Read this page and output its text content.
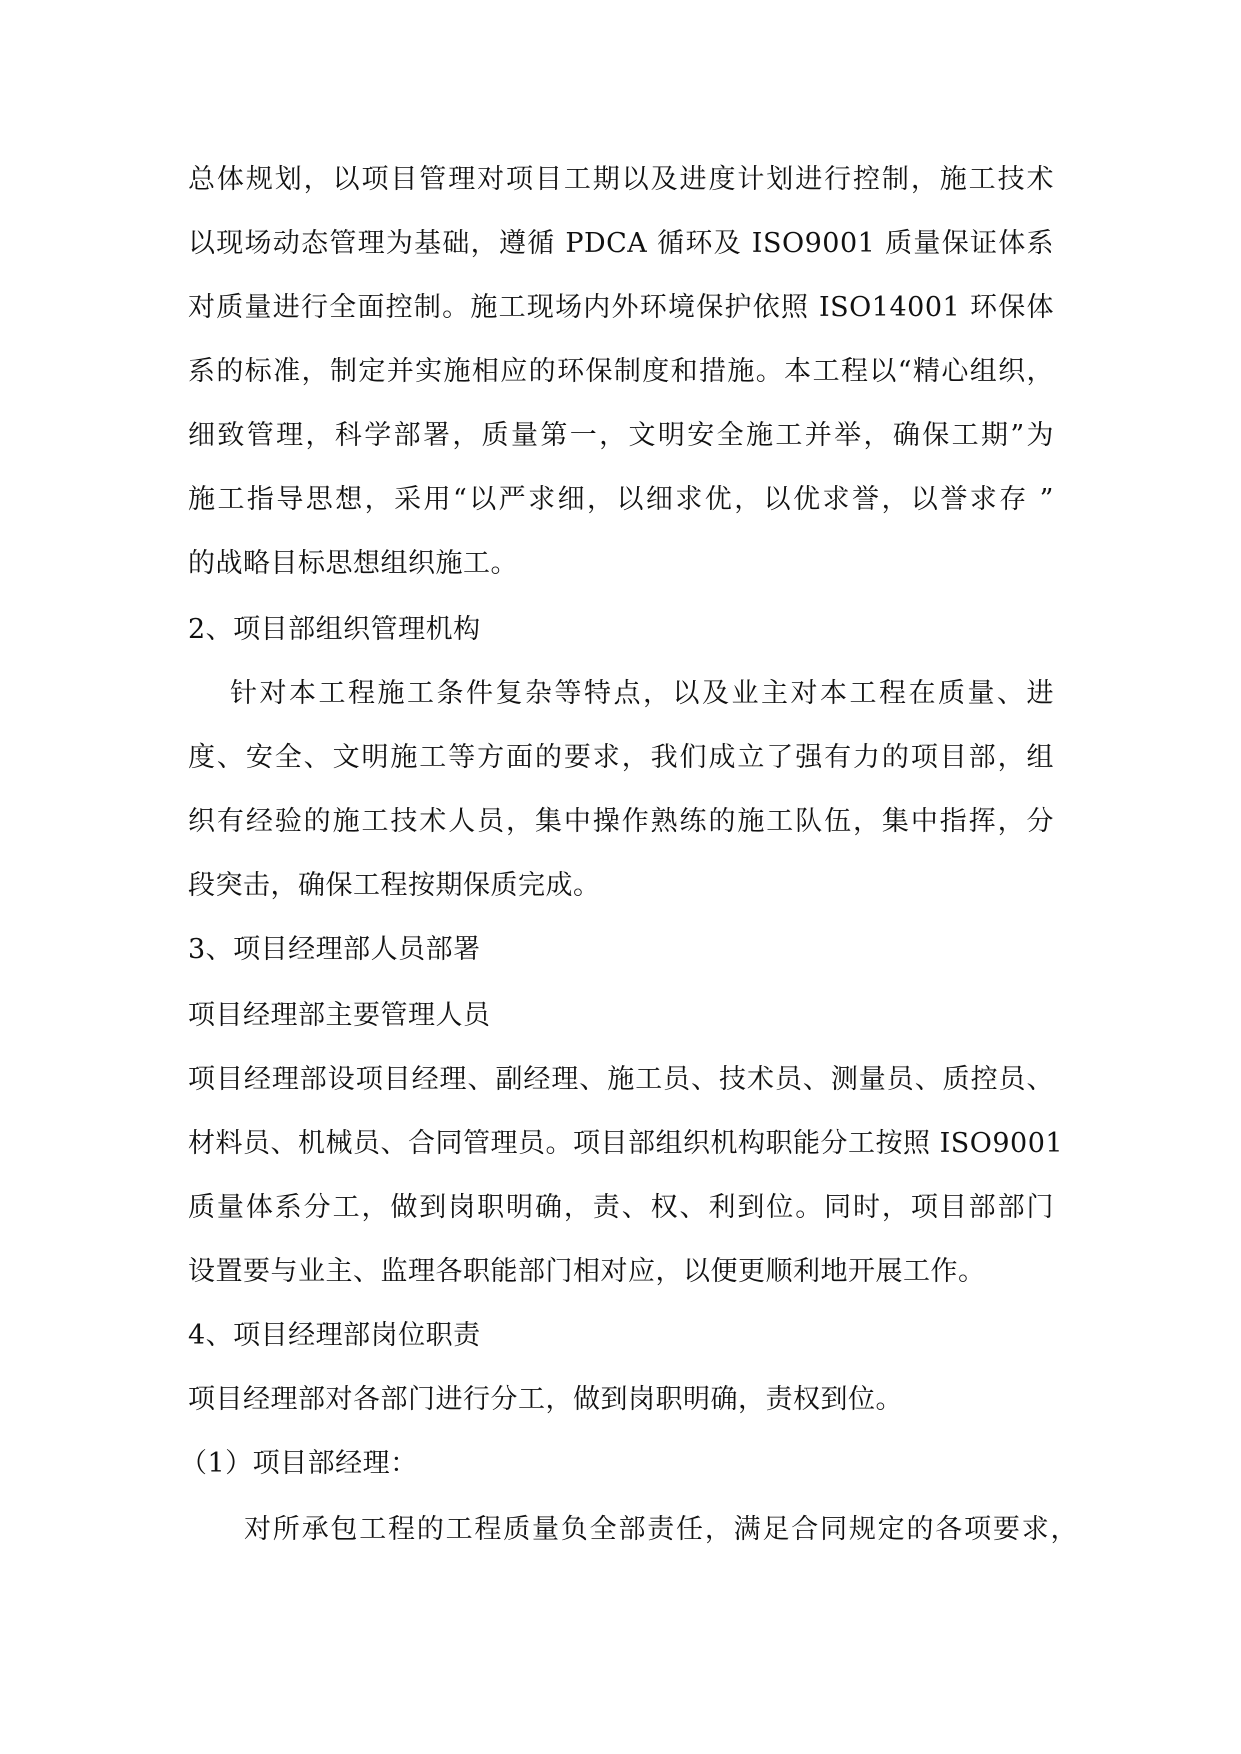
总体规划，以项目管理对项目工期以及进度计划进行控制，施工技术
以现场动态管理为基础，遵循 PDCA 循环及 ISO9001 质量保证体系
对质量进行全面控制。施工现场内外环境保护依照 ISO14001 环保体
系的标准，制定并实施相应的环保制度和措施。本工程以“精心组织，
细致管理，科学部署，质量第一，文明安全施工并举，确保工期”为
施工指导思想，采用“以严求细，以细求优，以优求誉，以誉求存 ”
的战略目标思想组织施工。
2、项目部组织管理机构
针对本工程施工条件复杂等特点，以及业主对本工程在质量、进
度、安全、文明施工等方面的要求，我们成立了强有力的项目部，组
织有经验的施工技术人员，集中操作熟练的施工队伍，集中指挥，分
段突击，确保工程按期保质完成。
3、项目经理部人员部署
项目经理部主要管理人员
项目经理部设项目经理、副经理、施工员、技术员、测量员、质控员、
材料员、机械员、合同管理员。项目部组织机构职能分工按照 ISO9001
质量体系分工，做到岗职明确，责、权、利到位。同时，项目部部门
设置要与业主、监理各职能部门相对应，以便更顺利地开展工作。
4、项目经理部岗位职责
项目经理部对各部门进行分工，做到岗职明确，责权到位。
（1）项目部经理：
对所承包工程的工程质量负全部责任，满足合同规定的各项要求，
